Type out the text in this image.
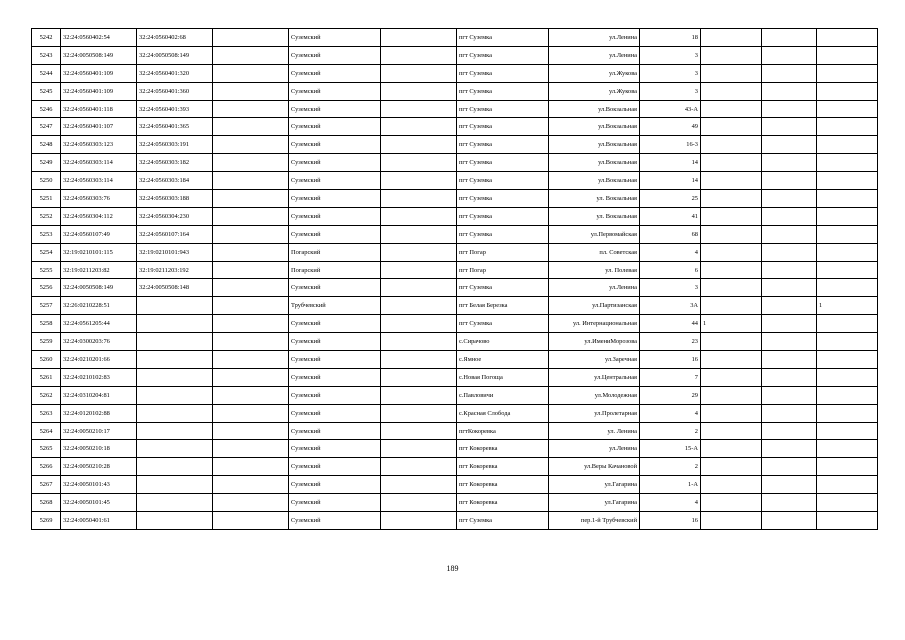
5242	32:24:0560402:54	32:24:0560402:68		Суземский		пгт Суземка	ул.Ленина	18			
5243	32:24:0050508:149	32:24:0050508:149		Суземский		пгт Суземка	ул.Ленина	3			
5244	32:24:0560401:109	32:24:0560401:320		Суземский		пгт Суземка	ул.Жукова	3			
5245	32:24:0560401:109	32:24:0560401:360		Суземский		пгт Суземка	ул.Жукова	3			
5246	32:24:0560401:118	32:24:0560401:393		Суземский		пгт Суземка	ул.Вокзальная	43-А			
5247	32:24:0560401:107	32:24:0560401:365		Суземский		пгт Суземка	ул.Вокзальная	49			
5248	32:24:0560303:123	32:24:0560303:191		Суземский		пгт Суземка	ул.Вокзальная	16-3			
5249	32:24:0560303:114	32:24:0560303:182		Суземский		пгт Суземка	ул.Вокзальная	14			
5250	32:24:0560303:114	32:24:0560303:184		Суземский		пгт Суземка	ул.Вокзальная	14			
5251	32:24:0560303:76	32:24:0560303:188		Суземский		пгт Суземка	ул. Вокзальная	25			
5252	32:24:0560304:112	32:24:0560304:230		Суземский		пгт Суземка	ул. Вокзальная	41			
5253	32:24:0560107:49	32:24:0560107:164		Суземский		пгт Суземка	ул.Первомайская	68			
5254	32:19:0210101:115	32:19:0210101:943		Погарский		пгт Погар	пл. Советская	4			
5255	32:19:0211203:82	32:19:0211203:192		Погарский		пгт Погар	ул. Полевая	6			
5256	32:24:0050508:149	32:24:0050508:148		Суземский		пгт Суземка	ул.Ленина	3			
5257	32:26:0210228:51			Трубчевский		пгт Белая Березка	ул.Партизанская	3А			1
5258	32:24:0561205:44			Суземский		пгт Суземка	ул. Интернациональная	44	1		
5259	32:24:0300203:76			Суземский		с.Сирачово	ул.ИмениМорозова	23			
5260	32:24:0210201:66			Суземский		с.Ямное	ул.Заречная	16			
5261	32:24:0210102:83			Суземский		с.Новая Погоща	ул.Центральная	7			
5262	32:24:0310204:81			Суземский		с.Павловичи	ул.Молодежная	29			
5263	32:24:0120102:88			Суземский		с.Красная Слобода	ул.Пролетарная	4			
5264	32:24:0050210:17			Суземский		пгтКокоревка	ул. Ленина	2			
5265	32:24:0050210:18			Суземский		пгт Кокоревка	ул.Ленина	15-А			
5266	32:24:0050210:28			Суземский		пгт Кокоревка	ул.Веры Качановой	2			
5267	32:24:0050101:43			Суземский		пгт Кокоревка	ул.Гагарина	1-А			
5268	32:24:0050101:45			Суземский		пгт Кокоревка	ул.Гагарина	4			
5269	32:24:0050401:61			Суземский		пгт Суземка	пер.1-й Трубчевский	16			
189
